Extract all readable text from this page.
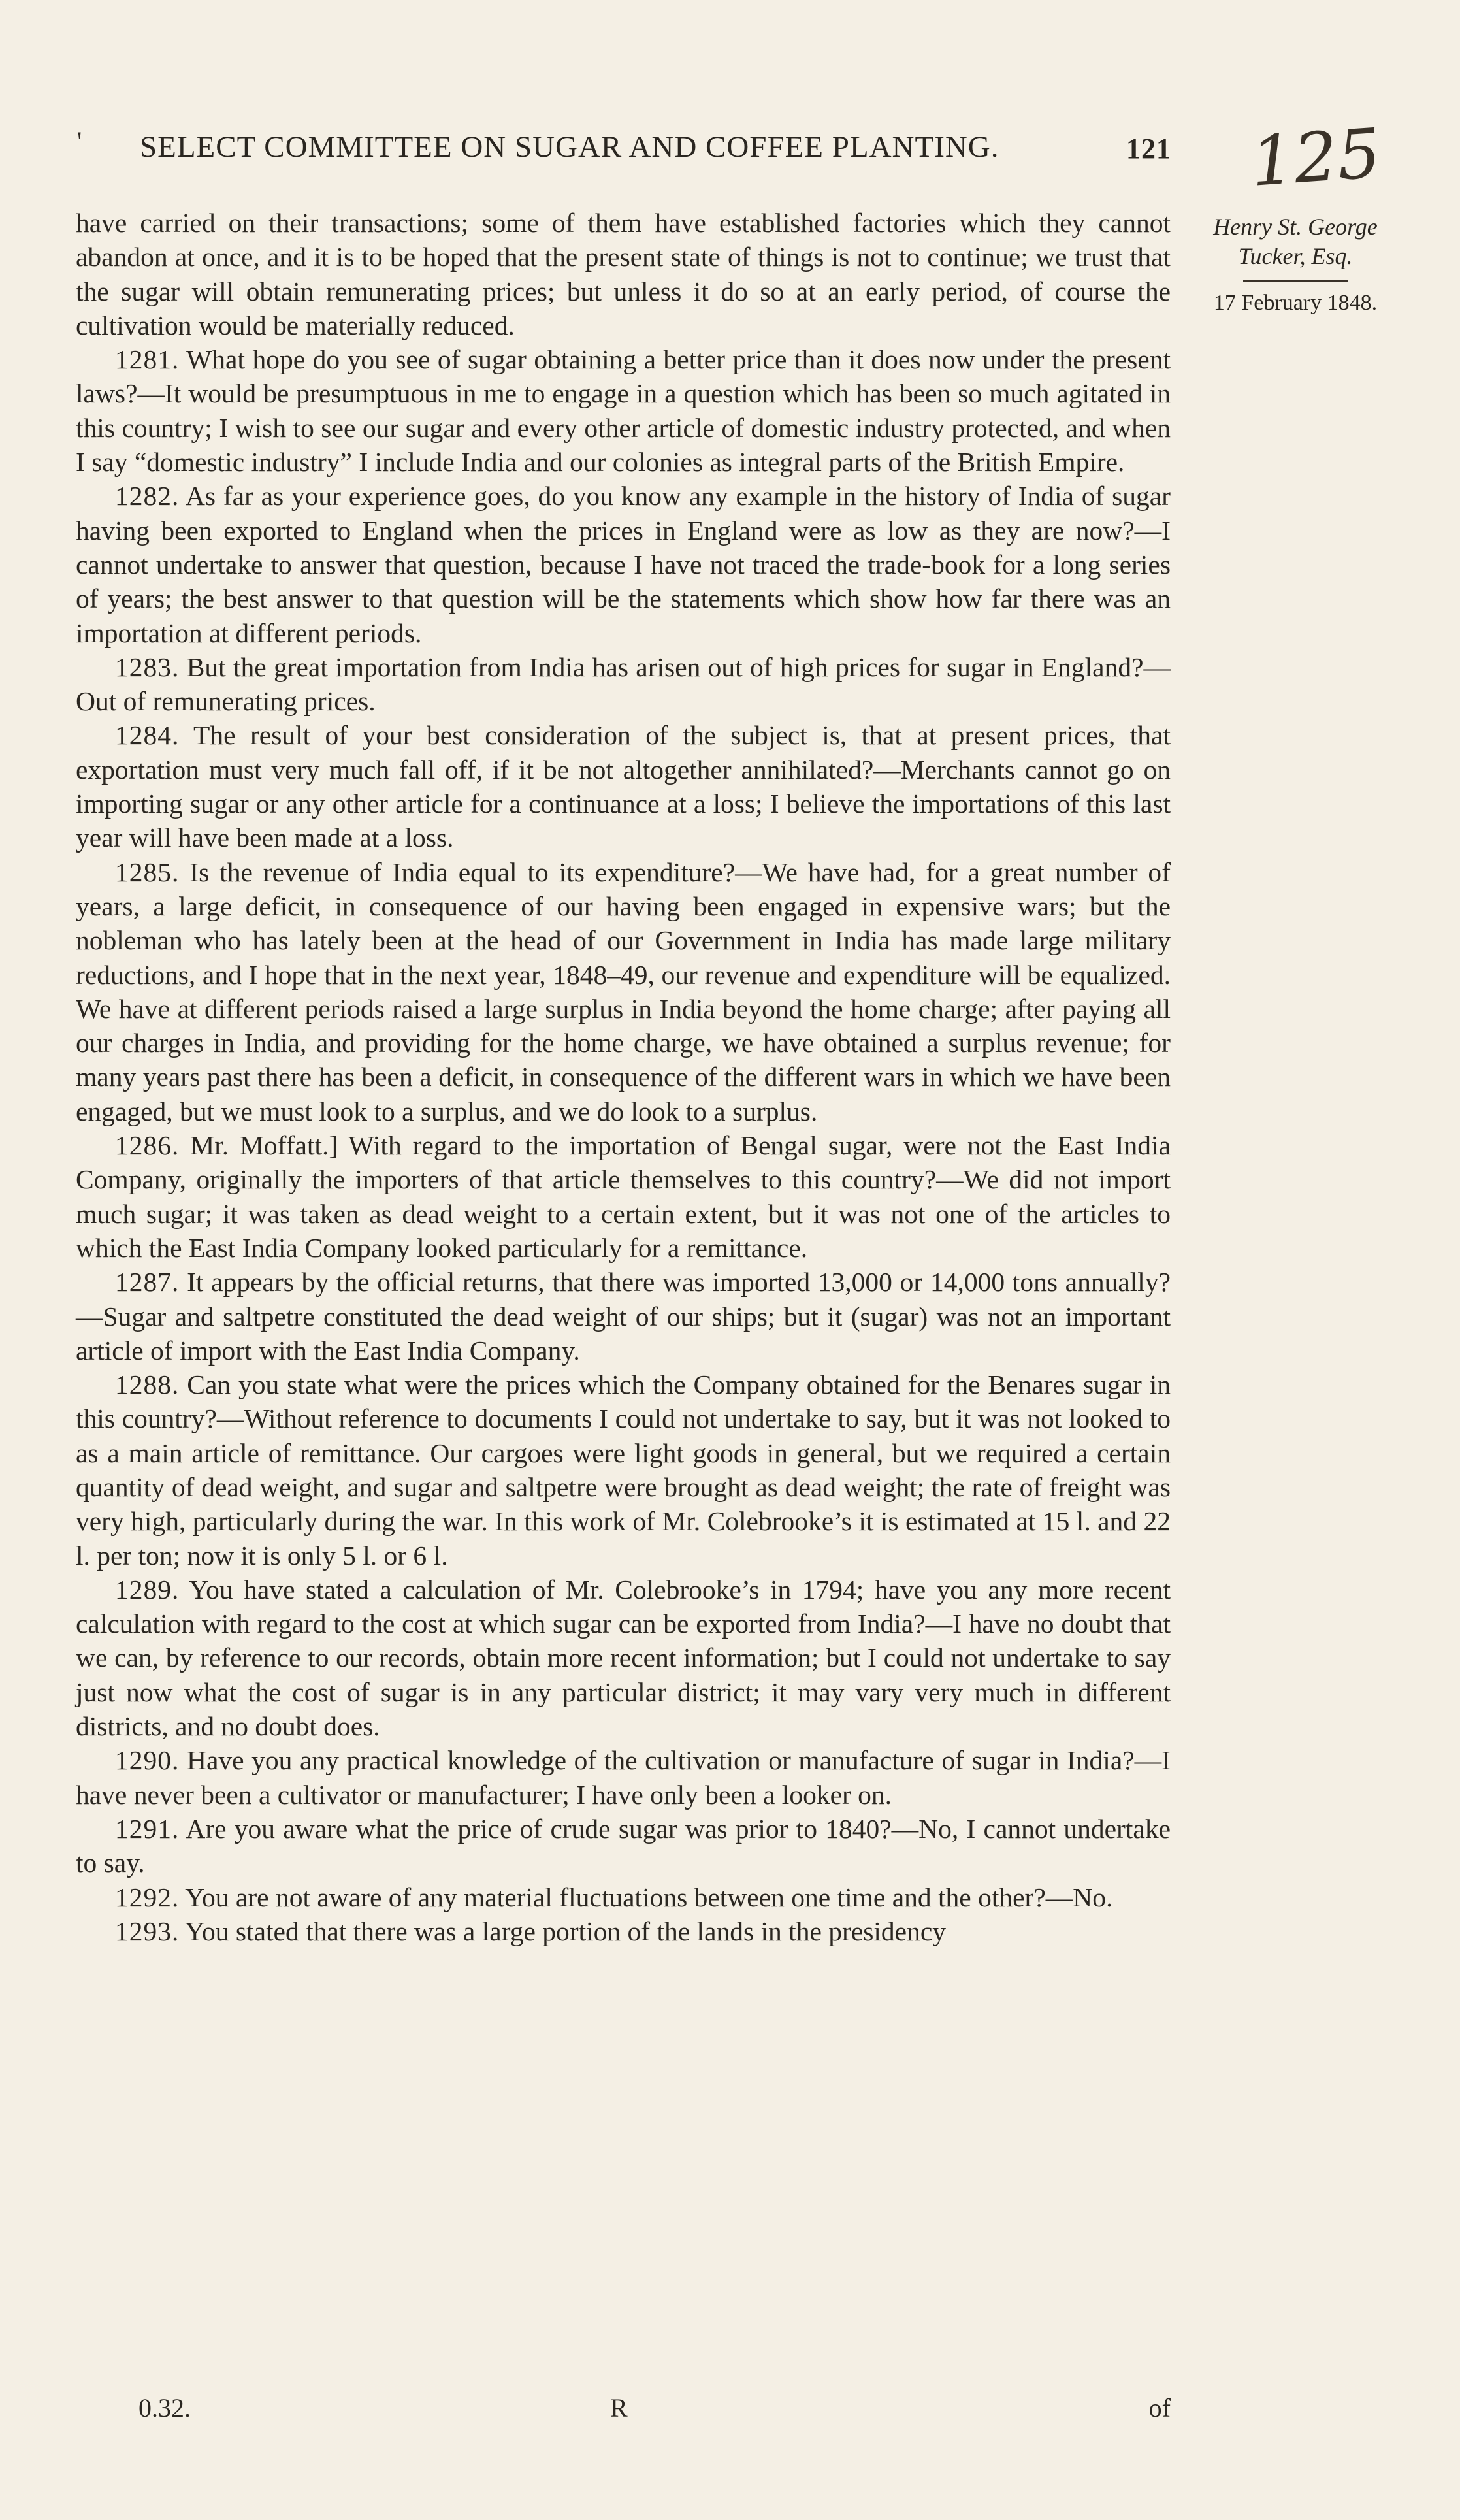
' SELECT COMMITTEE ON SUGAR AND COFFEE PLANTING.	121 125
Henry St. George
Tucker, Esq.
17 February 1848.

have carried on their transactions; some of them have established factories which they cannot abandon at once, and it is to be hoped that the present state of things is not to continue; we trust that the sugar will obtain remunerating prices; but unless it do so at an early period, of course the cultivation would be materially reduced.

1281. What hope do you see of sugar obtaining a better price than it does now under the present laws?—It would be presumptuous in me to engage in a question which has been so much agitated in this country; I wish to see our sugar and every other article of domestic industry protected, and when I say “domestic industry” I include India and our colonies as integral parts of the British Empire.

1282. As far as your experience goes, do you know any example in the history of India of sugar having been exported to England when the prices in England were as low as they are now?—I cannot undertake to answer that question, because I have not traced the trade-book for a long series of years; the best answer to that question will be the statements which show how far there was an importation at different periods.

1283. But the great importation from India has arisen out of high prices for sugar in England?—Out of remunerating prices.

1284. The result of your best consideration of the subject is, that at present prices, that exportation must very much fall off, if it be not altogether annihilated?—Merchants cannot go on importing sugar or any other article for a continuance at a loss; I believe the importations of this last year will have been made at a loss.

1285. Is the revenue of India equal to its expenditure?—We have had, for a great number of years, a large deficit, in consequence of our having been engaged in expensive wars; but the nobleman who has lately been at the head of our Government in India has made large military reductions, and I hope that in the next year, 1848–49, our revenue and expenditure will be equalized. We have at different periods raised a large surplus in India beyond the home charge; after paying all our charges in India, and providing for the home charge, we have obtained a surplus revenue; for many years past there has been a deficit, in consequence of the different wars in which we have been engaged, but we must look to a surplus, and we do look to a surplus.

1286. Mr. Moffatt.] With regard to the importation of Bengal sugar, were not the East India Company, originally the importers of that article themselves to this country?—We did not import much sugar; it was taken as dead weight to a certain extent, but it was not one of the articles to which the East India Company looked particularly for a remittance.

1287. It appears by the official returns, that there was imported 13,000 or 14,000 tons annually?—Sugar and saltpetre constituted the dead weight of our ships; but it (sugar) was not an important article of import with the East India Company.

1288. Can you state what were the prices which the Company obtained for the Benares sugar in this country?—Without reference to documents I could not undertake to say, but it was not looked to as a main article of remittance. Our cargoes were light goods in general, but we required a certain quantity of dead weight, and sugar and saltpetre were brought as dead weight; the rate of freight was very high, particularly during the war. In this work of Mr. Colebrooke’s it is estimated at 15 l. and 22 l. per ton; now it is only 5 l. or 6 l.

1289. You have stated a calculation of Mr. Colebrooke’s in 1794; have you any more recent calculation with regard to the cost at which sugar can be exported from India?—I have no doubt that we can, by reference to our records, obtain more recent information; but I could not undertake to say just now what the cost of sugar is in any particular district; it may vary very much in different districts, and no doubt does.

1290. Have you any practical knowledge of the cultivation or manufacture of sugar in India?—I have never been a cultivator or manufacturer; I have only been a looker on.

1291. Are you aware what the price of crude sugar was prior to 1840?—No, I cannot undertake to say.

1292. You are not aware of any material fluctuations between one time and the other?—No.

1293. You stated that there was a large portion of the lands in the presidency

0.32.	R	of
